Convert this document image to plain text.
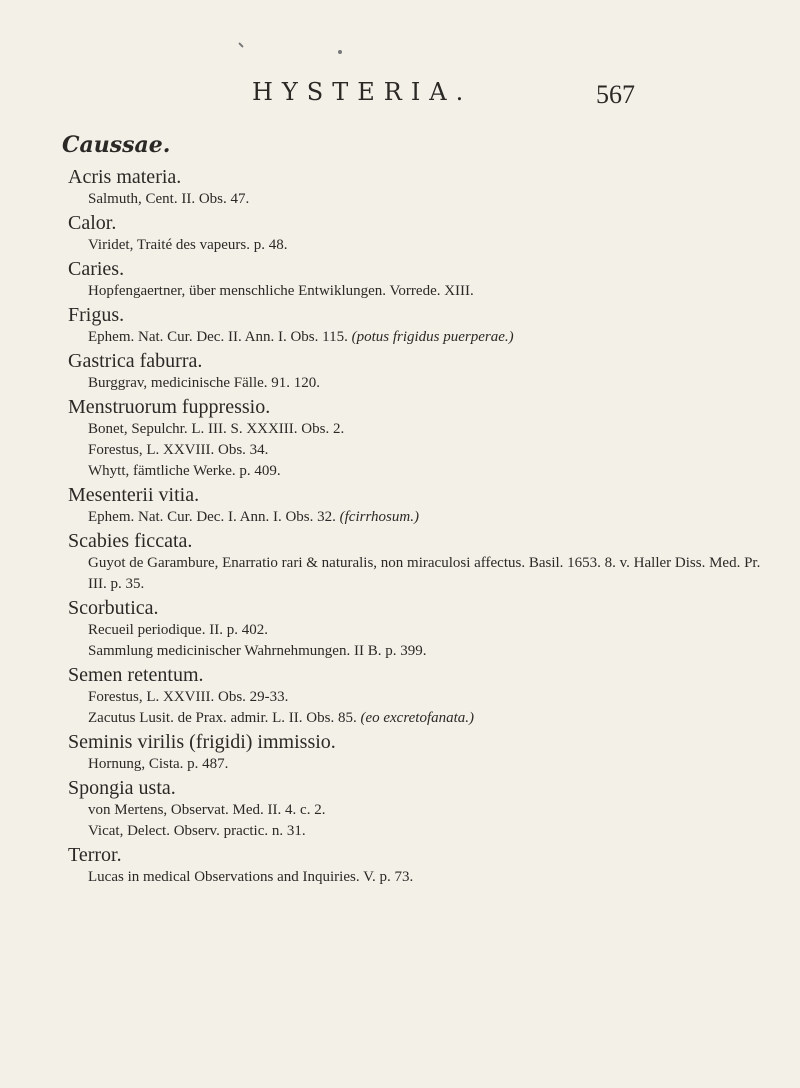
HYSTERIA.	567
Caussae.
Acris materia.
Salmuth, Cent. II. Obs. 47.
Calor.
Viridet, Traité des vapeurs. p. 48.
Caries.
Hopfengaertner, über menschliche Entwiklungen. Vorrede. XIII.
Frigus.
Ephem. Nat. Cur. Dec. II. Ann. I. Obs. 115. (potus frigidus puerperae.)
Gastrica faburra.
Burggrav, medicinische Fälle. 91. 120.
Menstruorum fuppressio.
Bonet, Sepulchr. L. III. S. XXXIII. Obs. 2.
Forestus, L. XXVIII. Obs. 34.
Whytt, fämtliche Werke. p. 409.
Mesenterii vitia.
Ephem. Nat. Cur. Dec. I. Ann. I. Obs. 32. (fcirrhosum.)
Scabies ficcata.
Guyot de Garambure, Enarratio rari & naturalis, non miraculosi affectus. Basil. 1653. 8. v. Haller Diss. Med. Pr. III. p. 35.
Scorbutica.
Recueil periodique. II. p. 402.
Sammlung medicinischer Wahrnehmungen. II B. p. 399.
Semen retentum.
Forestus, L. XXVIII. Obs. 29-33.
Zacutus Lusit. de Prax. admir. L. II. Obs. 85. (eo excretofanata.)
Seminis virilis (frigidi) immissio.
Hornung, Cista. p. 487.
Spongia usta.
von Mertens, Observat. Med. II. 4. c. 2.
Vicat, Delect. Observ. practic. n. 31.
Terror.
Lucas in medical Observations and Inquiries. V. p. 73.
